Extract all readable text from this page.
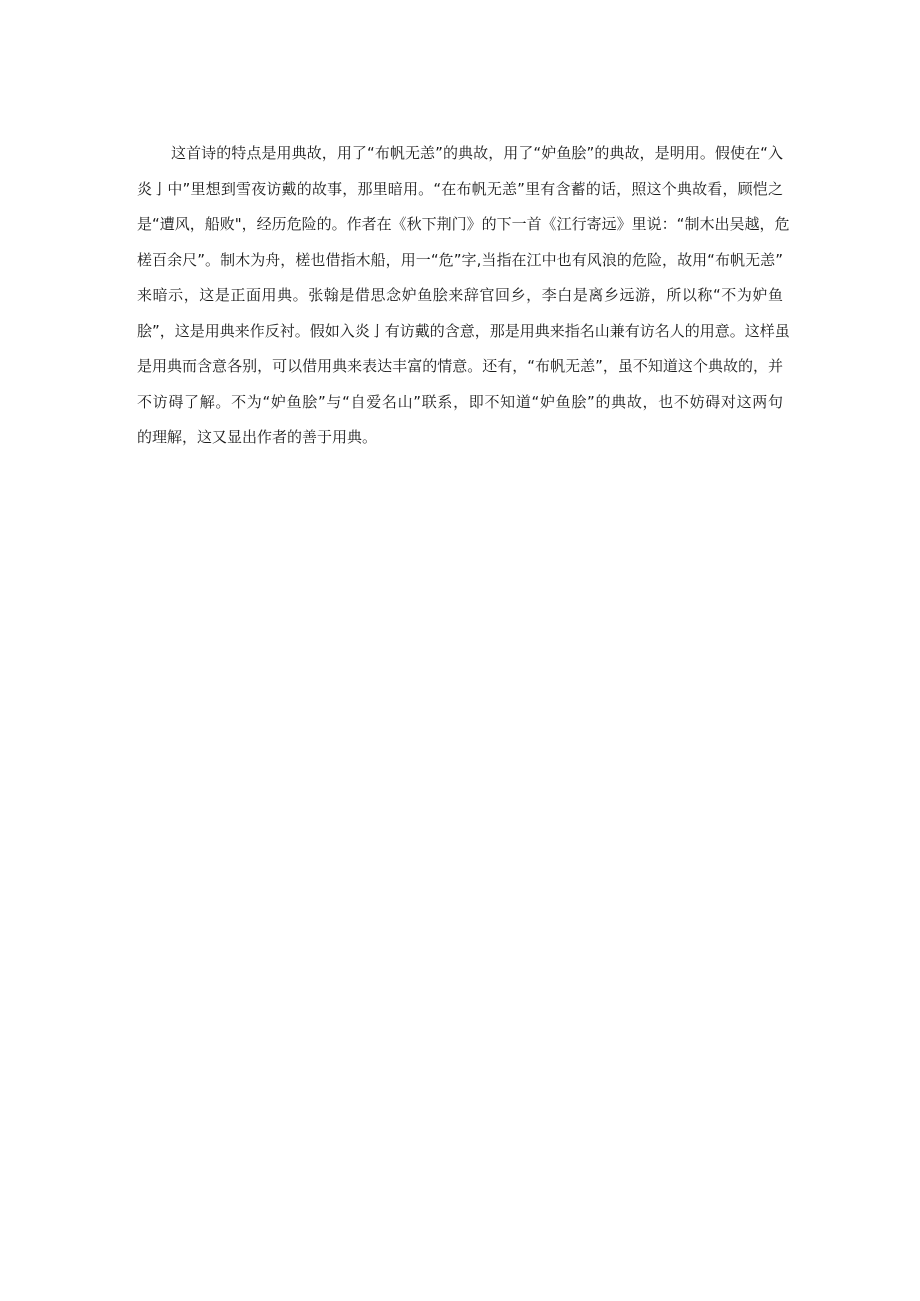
这首诗的特点是用典故，用了“布帆无恙”的典故，用了“妒鱼脍”的典故，是明用。假使在“入
炎亅中”里想到雪夜访戴的故事，那里暗用。“在布帆无恙”里有含蓄的话，照这个典故看，顾恺之
是“遭风，船败"，经历危险的。作者在《秋下荆门》的下一首《江行寄远》里说：“制木出吴越，危
槎百余尺”。制木为舟，槎也借指木船，用一“危”字,当指在江中也有风浪的危险，故用“布帆无恙”
来暗示，这是正面用典。张翰是借思念妒鱼脍来辞官回乡，李白是离乡远游，所以称“不为妒鱼
脍”，这是用典来作反衬。假如入炎亅有访戴的含意，那是用典来指名山兼有访名人的用意。这样虽
是用典而含意各别，可以借用典来表达丰富的情意。还有，“布帆无恙”，虽不知道这个典故的，并
不访碍了解。不为“妒鱼脍”与“自爱名山”联系，即不知道“妒鱼脍”的典故，也不妨碍对这两句
的理解，这又显出作者的善于用典。
